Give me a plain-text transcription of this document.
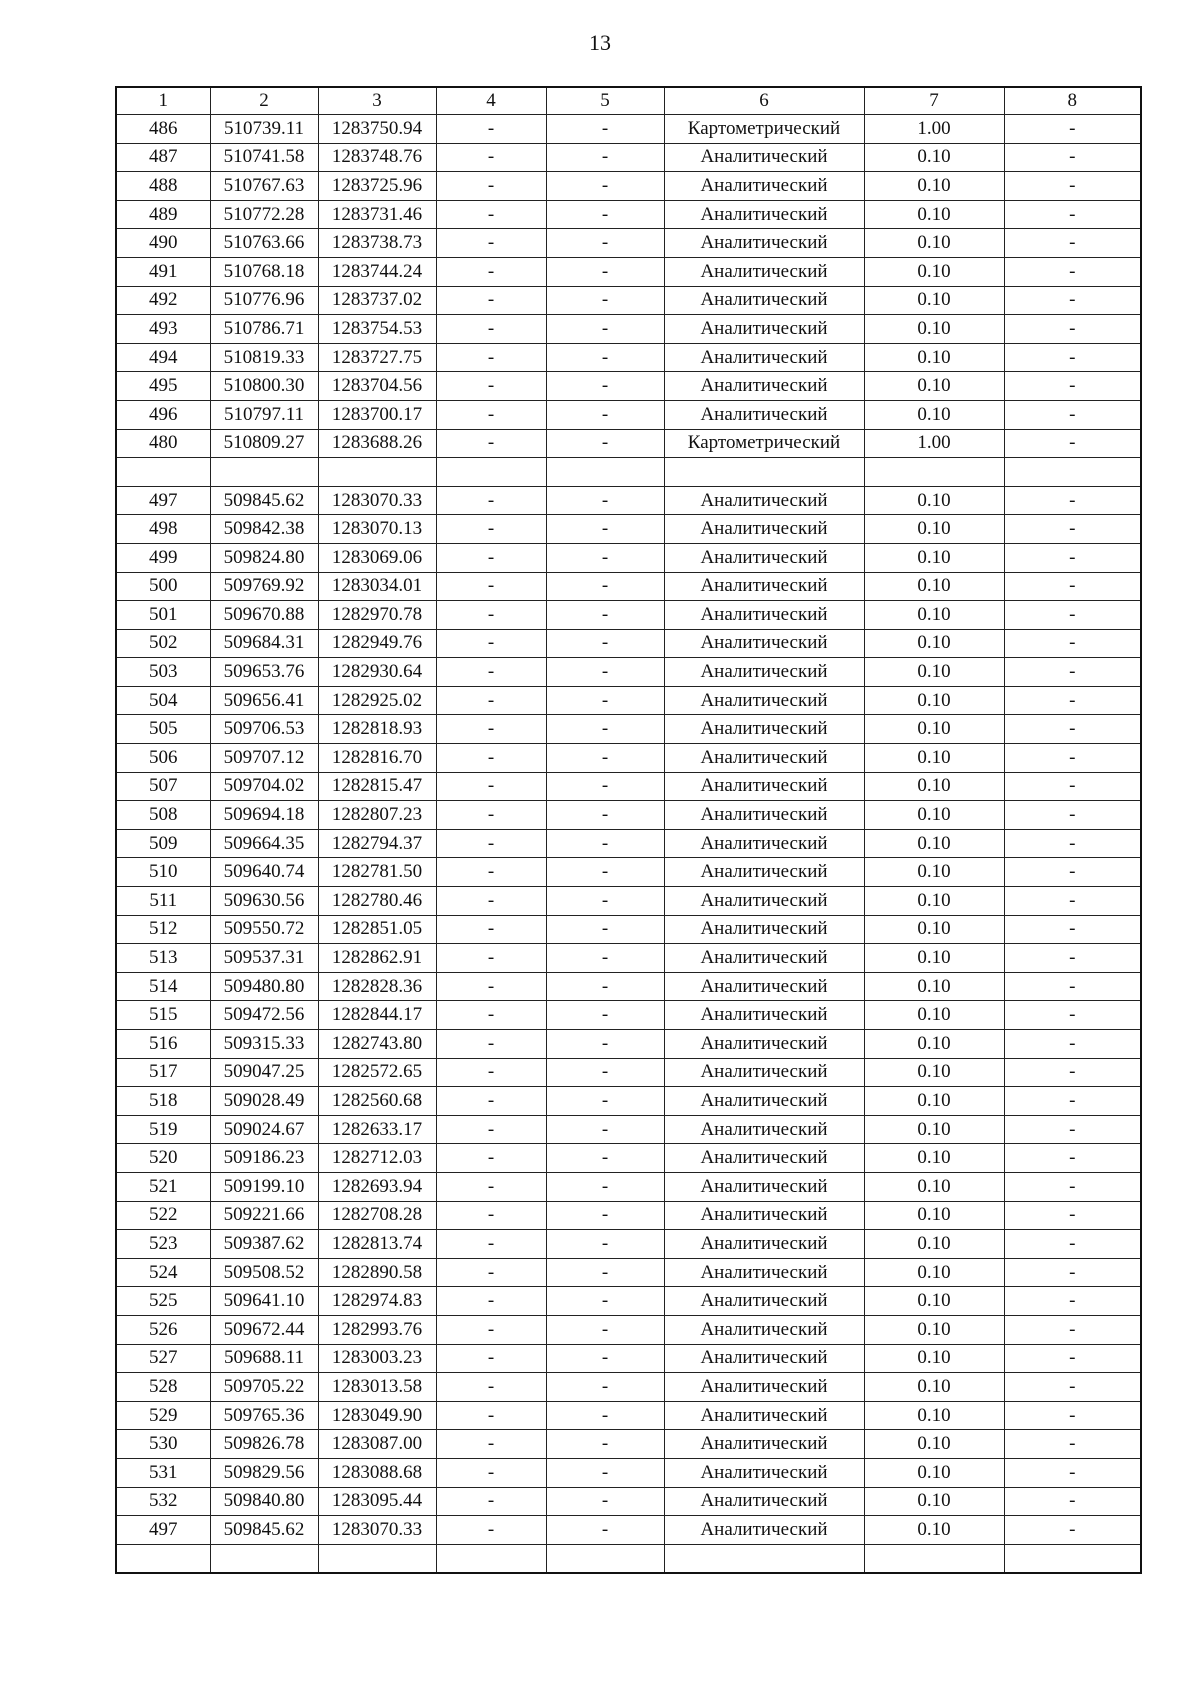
13
1	2	3	4	5	6	7	8
486	510739.11	1283750.94	-	-	Картометрический	1.00	-
487	510741.58	1283748.76	-	-	Аналитический	0.10	-
488	510767.63	1283725.96	-	-	Аналитический	0.10	-
489	510772.28	1283731.46	-	-	Аналитический	0.10	-
490	510763.66	1283738.73	-	-	Аналитический	0.10	-
491	510768.18	1283744.24	-	-	Аналитический	0.10	-
492	510776.96	1283737.02	-	-	Аналитический	0.10	-
493	510786.71	1283754.53	-	-	Аналитический	0.10	-
494	510819.33	1283727.75	-	-	Аналитический	0.10	-
495	510800.30	1283704.56	-	-	Аналитический	0.10	-
496	510797.11	1283700.17	-	-	Аналитический	0.10	-
480	510809.27	1283688.26	-	-	Картометрический	1.00	-

497	509845.62	1283070.33	-	-	Аналитический	0.10	-
498	509842.38	1283070.13	-	-	Аналитический	0.10	-
499	509824.80	1283069.06	-	-	Аналитический	0.10	-
500	509769.92	1283034.01	-	-	Аналитический	0.10	-
501	509670.88	1282970.78	-	-	Аналитический	0.10	-
502	509684.31	1282949.76	-	-	Аналитический	0.10	-
503	509653.76	1282930.64	-	-	Аналитический	0.10	-
504	509656.41	1282925.02	-	-	Аналитический	0.10	-
505	509706.53	1282818.93	-	-	Аналитический	0.10	-
506	509707.12	1282816.70	-	-	Аналитический	0.10	-
507	509704.02	1282815.47	-	-	Аналитический	0.10	-
508	509694.18	1282807.23	-	-	Аналитический	0.10	-
509	509664.35	1282794.37	-	-	Аналитический	0.10	-
510	509640.74	1282781.50	-	-	Аналитический	0.10	-
511	509630.56	1282780.46	-	-	Аналитический	0.10	-
512	509550.72	1282851.05	-	-	Аналитический	0.10	-
513	509537.31	1282862.91	-	-	Аналитический	0.10	-
514	509480.80	1282828.36	-	-	Аналитический	0.10	-
515	509472.56	1282844.17	-	-	Аналитический	0.10	-
516	509315.33	1282743.80	-	-	Аналитический	0.10	-
517	509047.25	1282572.65	-	-	Аналитический	0.10	-
518	509028.49	1282560.68	-	-	Аналитический	0.10	-
519	509024.67	1282633.17	-	-	Аналитический	0.10	-
520	509186.23	1282712.03	-	-	Аналитический	0.10	-
521	509199.10	1282693.94	-	-	Аналитический	0.10	-
522	509221.66	1282708.28	-	-	Аналитический	0.10	-
523	509387.62	1282813.74	-	-	Аналитический	0.10	-
524	509508.52	1282890.58	-	-	Аналитический	0.10	-
525	509641.10	1282974.83	-	-	Аналитический	0.10	-
526	509672.44	1282993.76	-	-	Аналитический	0.10	-
527	509688.11	1283003.23	-	-	Аналитический	0.10	-
528	509705.22	1283013.58	-	-	Аналитический	0.10	-
529	509765.36	1283049.90	-	-	Аналитический	0.10	-
530	509826.78	1283087.00	-	-	Аналитический	0.10	-
531	509829.56	1283088.68	-	-	Аналитический	0.10	-
532	509840.80	1283095.44	-	-	Аналитический	0.10	-
497	509845.62	1283070.33	-	-	Аналитический	0.10	-
